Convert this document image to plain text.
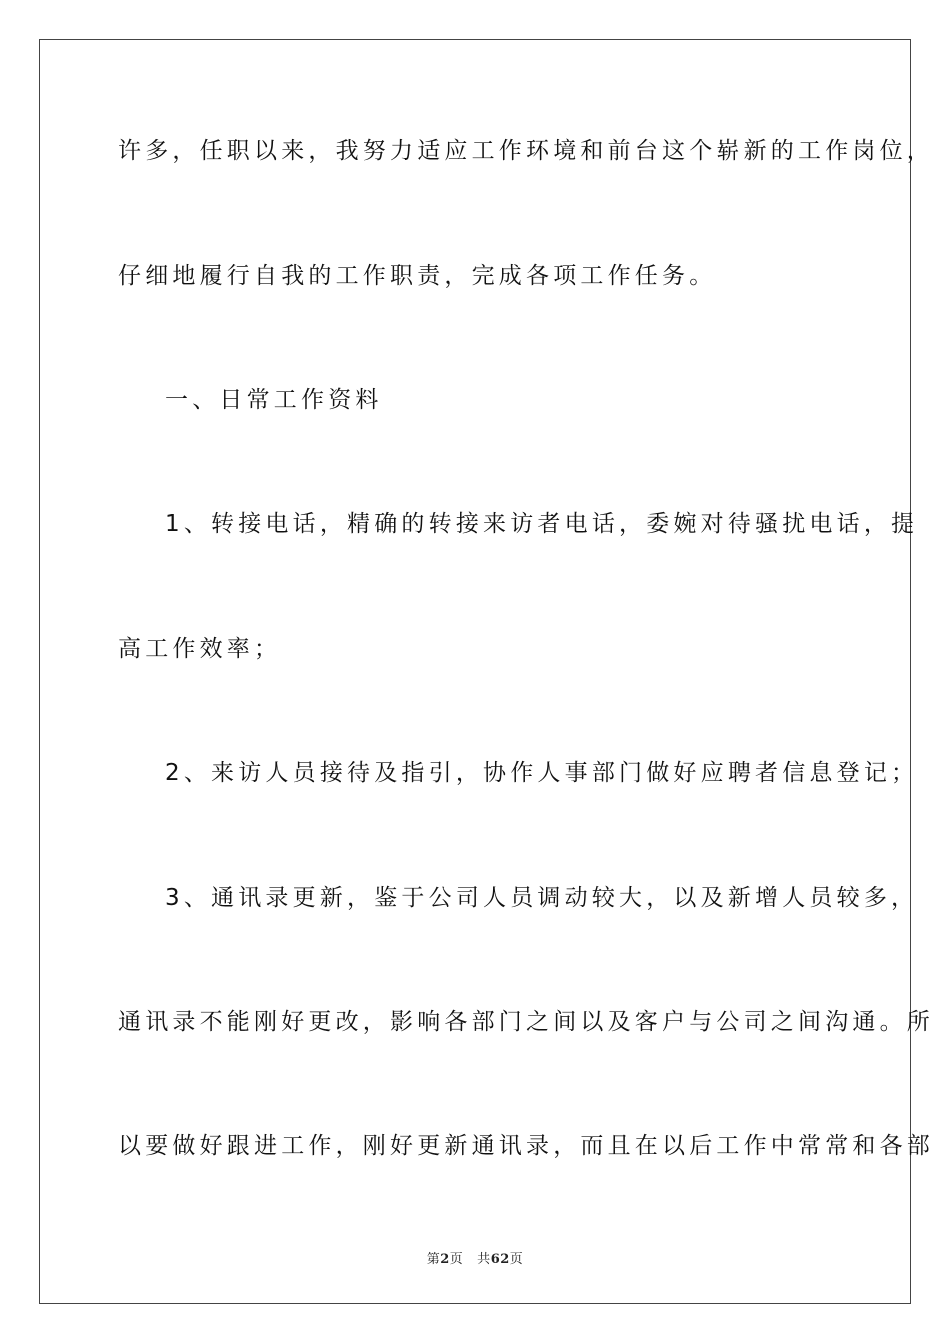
许多，任职以来，我努力适应工作环境和前台这个崭新的工作岗位，
仔细地履行自我的工作职责，完成各项工作任务。
一、日常工作资料
1、转接电话，精确的转接来访者电话，委婉对待骚扰电话，提
高工作效率；
2、来访人员接待及指引，协作人事部门做好应聘者信息登记；
3、通讯录更新，鉴于公司人员调动较大，以及新增人员较多，
通讯录不能刚好更改，影响各部门之间以及客户与公司之间沟通。所
以要做好跟进工作，刚好更新通讯录，而且在以后工作中常常和各部
第2页 共62页
